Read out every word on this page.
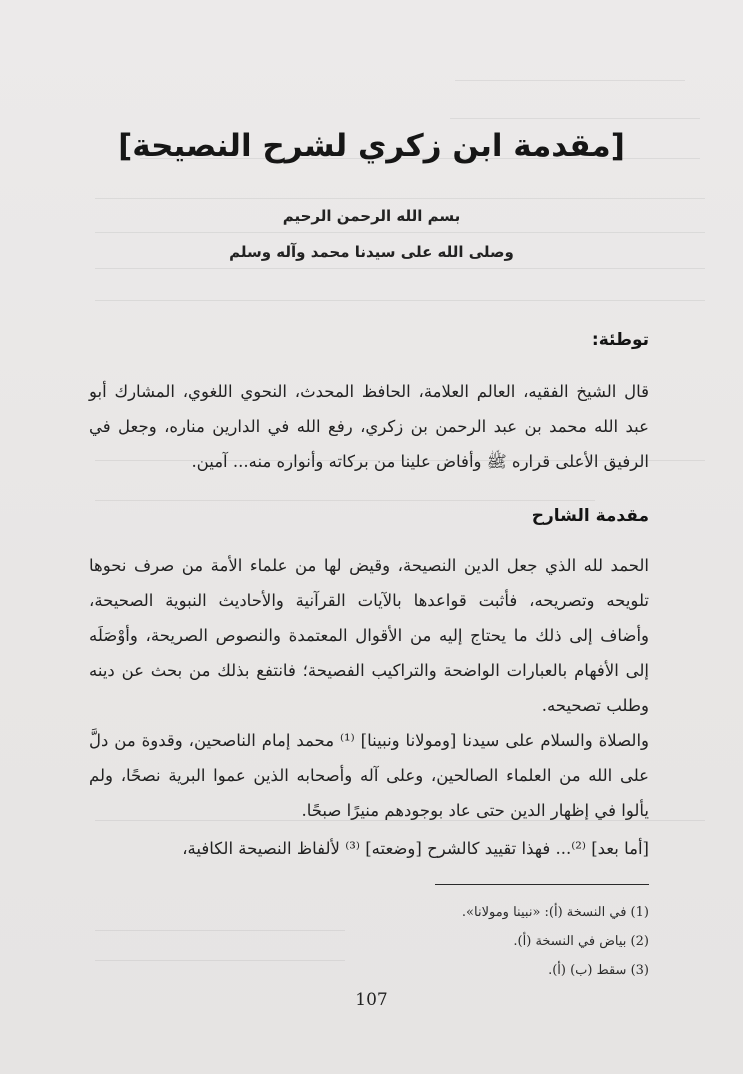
[مقدمة ابن زكري لشرح النصيحة]
بسم الله الرحمن الرحيم
وصلى الله على سيدنا محمد وآله وسلم
توطئة:
قال الشيخ الفقيه، العالم العلامة، الحافظ المحدث، النحوي اللغوي، المشارك أبو عبد الله محمد بن عبد الرحمن بن زكري، رفع الله في الدارين مناره، وجعل في الرفيق الأعلى قراره ﷺ وأفاض علينا من بركاته وأنواره منه... آمين.
مقدمة الشارح
الحمد لله الذي جعل الدين النصيحة، وقيض لها من علماء الأمة من صرف نحوها تلويحه وتصريحه، فأثبت قواعدها بالآيات القرآنية والأحاديث النبوية الصحيحة، وأضاف إلى ذلك ما يحتاج إليه من الأقوال المعتمدة والنصوص الصريحة، وأوْصَلَه إلى الأفهام بالعبارات الواضحة والتراكيب الفصيحة؛ فانتفع بذلك من بحث عن دينه وطلب تصحيحه.
والصلاة والسلام على سيدنا [ومولانا ونبينا] ⁽¹⁾ محمد إمام الناصحين، وقدوة من دلَّ على الله من العلماء الصالحين، وعلى آله وأصحابه الذين عموا البرية نصحًا، ولم يألوا في إظهار الدين حتى عاد بوجودهم منيرًا صبحًا.
[أما بعد] ⁽²⁾... فهذا تقييد كالشرح [وضعته] ⁽³⁾ لألفاظ النصيحة الكافية،
(1) في النسخة (أ): «نبينا ومولانا».
(2) بياض في النسخة (أ).
(3) سقط (ب) (أ).
107
